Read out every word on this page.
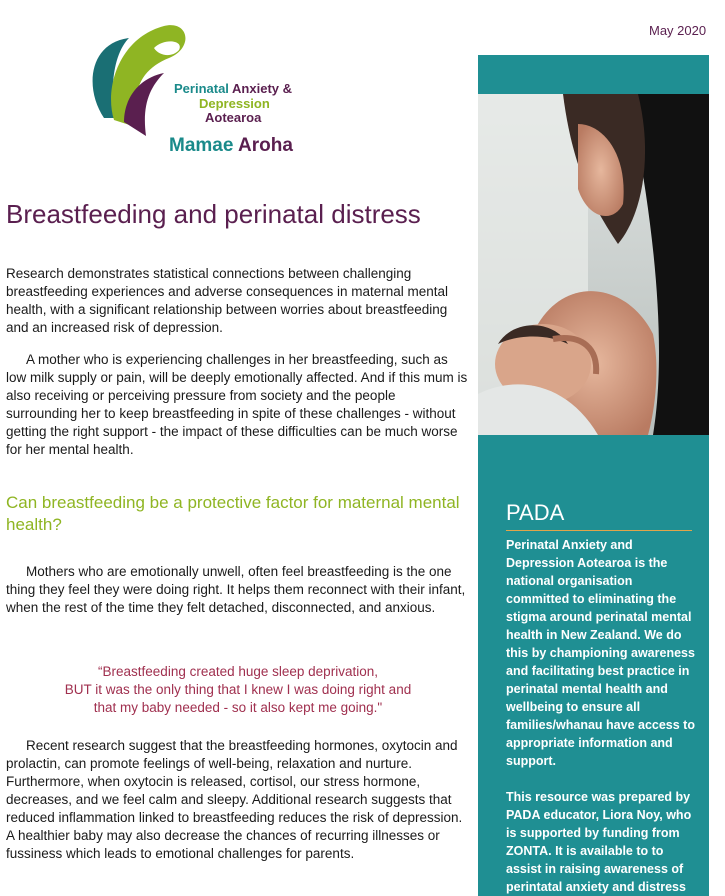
May 2020
Perinatal Anxiety &
Depression
Aotearoa
Mamae Aroha
Breastfeeding and perinatal distress

Research demonstrates statistical connections between challenging breastfeeding experiences and adverse consequences in maternal mental health, with a significant relationship between worries about breastfeeding and an increased risk of depression.

A mother who is experiencing challenges in her breastfeeding, such as low milk supply or pain, will be deeply emotionally affected. And if this mum is also receiving or perceiving pressure from society and the people surrounding her to keep breastfeeding in spite of these challenges - without getting the right support - the impact of these difficulties can be much worse for her mental health.

Can breastfeeding be a protective factor for maternal mental health?

Mothers who are emotionally unwell, often feel breastfeeding is the one thing they feel they were doing right. It helps them reconnect with their infant, when the rest of the time they felt detached, disconnected, and anxious.

“Breastfeeding created huge sleep deprivation,
BUT it was the only thing that I knew I was doing right and
that my baby needed - so it also kept me going."

Recent research suggest that the breastfeeding hormones, oxytocin and prolactin, can promote feelings of well-being, relaxation and nurture. Furthermore, when oxytocin is released, cortisol, our stress hormone, decreases, and we feel calm and sleepy. Additional research suggests that reduced inflammation linked to breastfeeding reduces the risk of depression. A healthier baby may also decrease the chances of recurring illnesses or fussiness which leads to emotional challenges for parents.

PADA

Perinatal Anxiety and Depression Aotearoa is the national organisation committed to eliminating the stigma around perinatal mental health in New Zealand. We do this by championing awareness and facilitating best practice in perinatal mental health and wellbeing to ensure all families/whanau have access to appropriate information and support.

This resource was prepared by PADA educator, Liora Noy, who is supported by funding from ZONTA. It is available to to assist in raising awareness of perintatal anxiety and distress
